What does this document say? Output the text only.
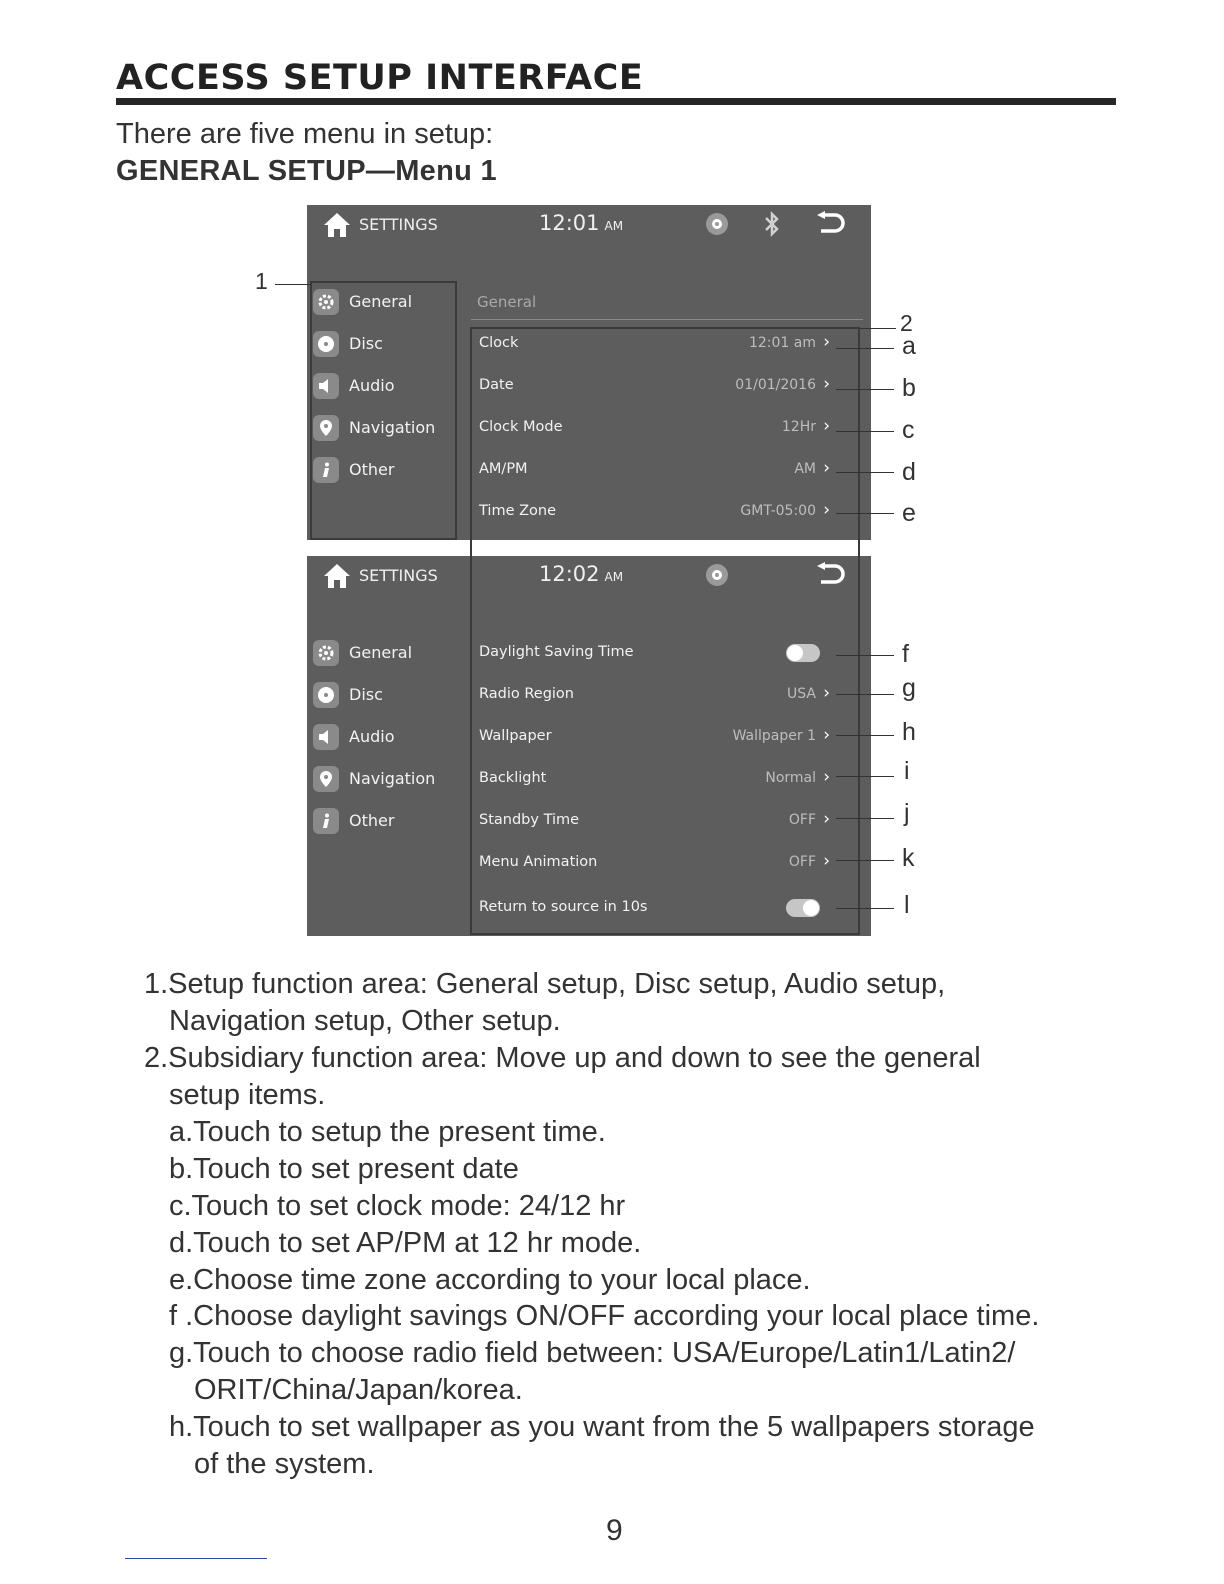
ACCESS SETUP INTERFACE
There are five menu in setup:
GENERAL SETUP—Menu 1
SETTINGS	12:01 AM
General
Disc
Audio
Navigation
Other
General
Clock	12:01 am ›
Date	01/01/2016 ›
Clock Mode	12Hr ›
AM/PM	AM ›
Time Zone	GMT-05:00 ›
SETTINGS	12:02 AM
General
Disc
Audio
Navigation
Other
Daylight Saving Time
Radio Region	USA ›
Wallpaper	Wallpaper 1 ›
Backlight	Normal ›
Standby Time	OFF ›
Menu Animation	OFF ›
Return to source in 10s
1
2
a
b
c
d
e
f
g
h
i
j
k
l
1.Setup function area: General setup, Disc setup, Audio setup,
Navigation setup, Other setup.
2.Subsidiary function area: Move up and down to see the general
setup items.
a.Touch to setup the present time.
b.Touch to set present date
c.Touch to set clock mode: 24/12 hr
d.Touch to set AP/PM at 12 hr mode.
e.Choose time zone according to your local place.
f .Choose daylight savings ON/OFF according your local place time.
g.Touch to choose radio field between: USA/Europe/Latin1/Latin2/
ORIT/China/Japan/korea.
h.Touch to set wallpaper as you want from the 5 wallpapers storage
of the system.
9
